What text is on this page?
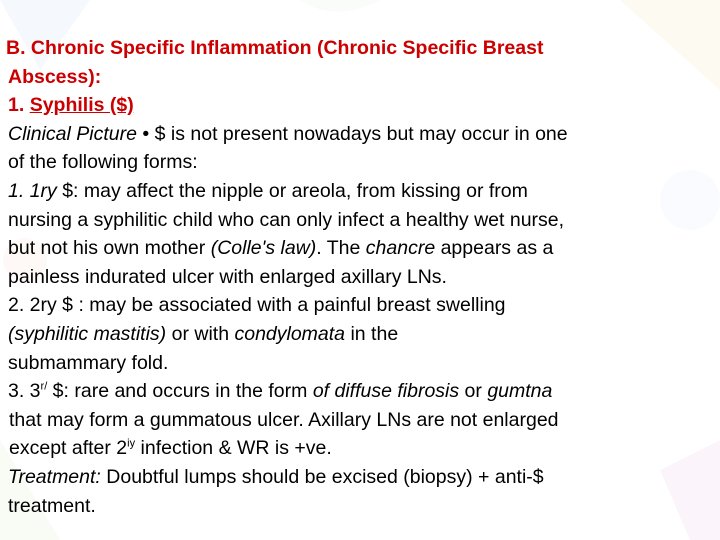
B. Chronic Specific Inflammation (Chronic Specific Breast
Abscess):
1. Syphilis ($)
Clinical Picture • $ is not present nowadays but may occur in one
of the following forms:
1. 1ry $: may affect the nipple or areola, from kissing or from
nursing a syphilitic child who can only infect a healthy wet nurse,
but not his own mother (Colle's law). The chancre appears as a
painless indurated ulcer with enlarged axillary LNs.
2. 2ry $ : may be associated with a painful breast swelling
(syphilitic mastitis) or with condylomata in the
submammary fold.
3. $3^{r/}$ $: rare and occurs in the form of diffuse fibrosis or gumtna
that may form a gummatous ulcer. Axillary LNs are not enlarged
except after $2^{iy}$ infection & WR is +ve.
Treatment: Doubtful lumps should be excised (biopsy) + anti-$
treatment.
